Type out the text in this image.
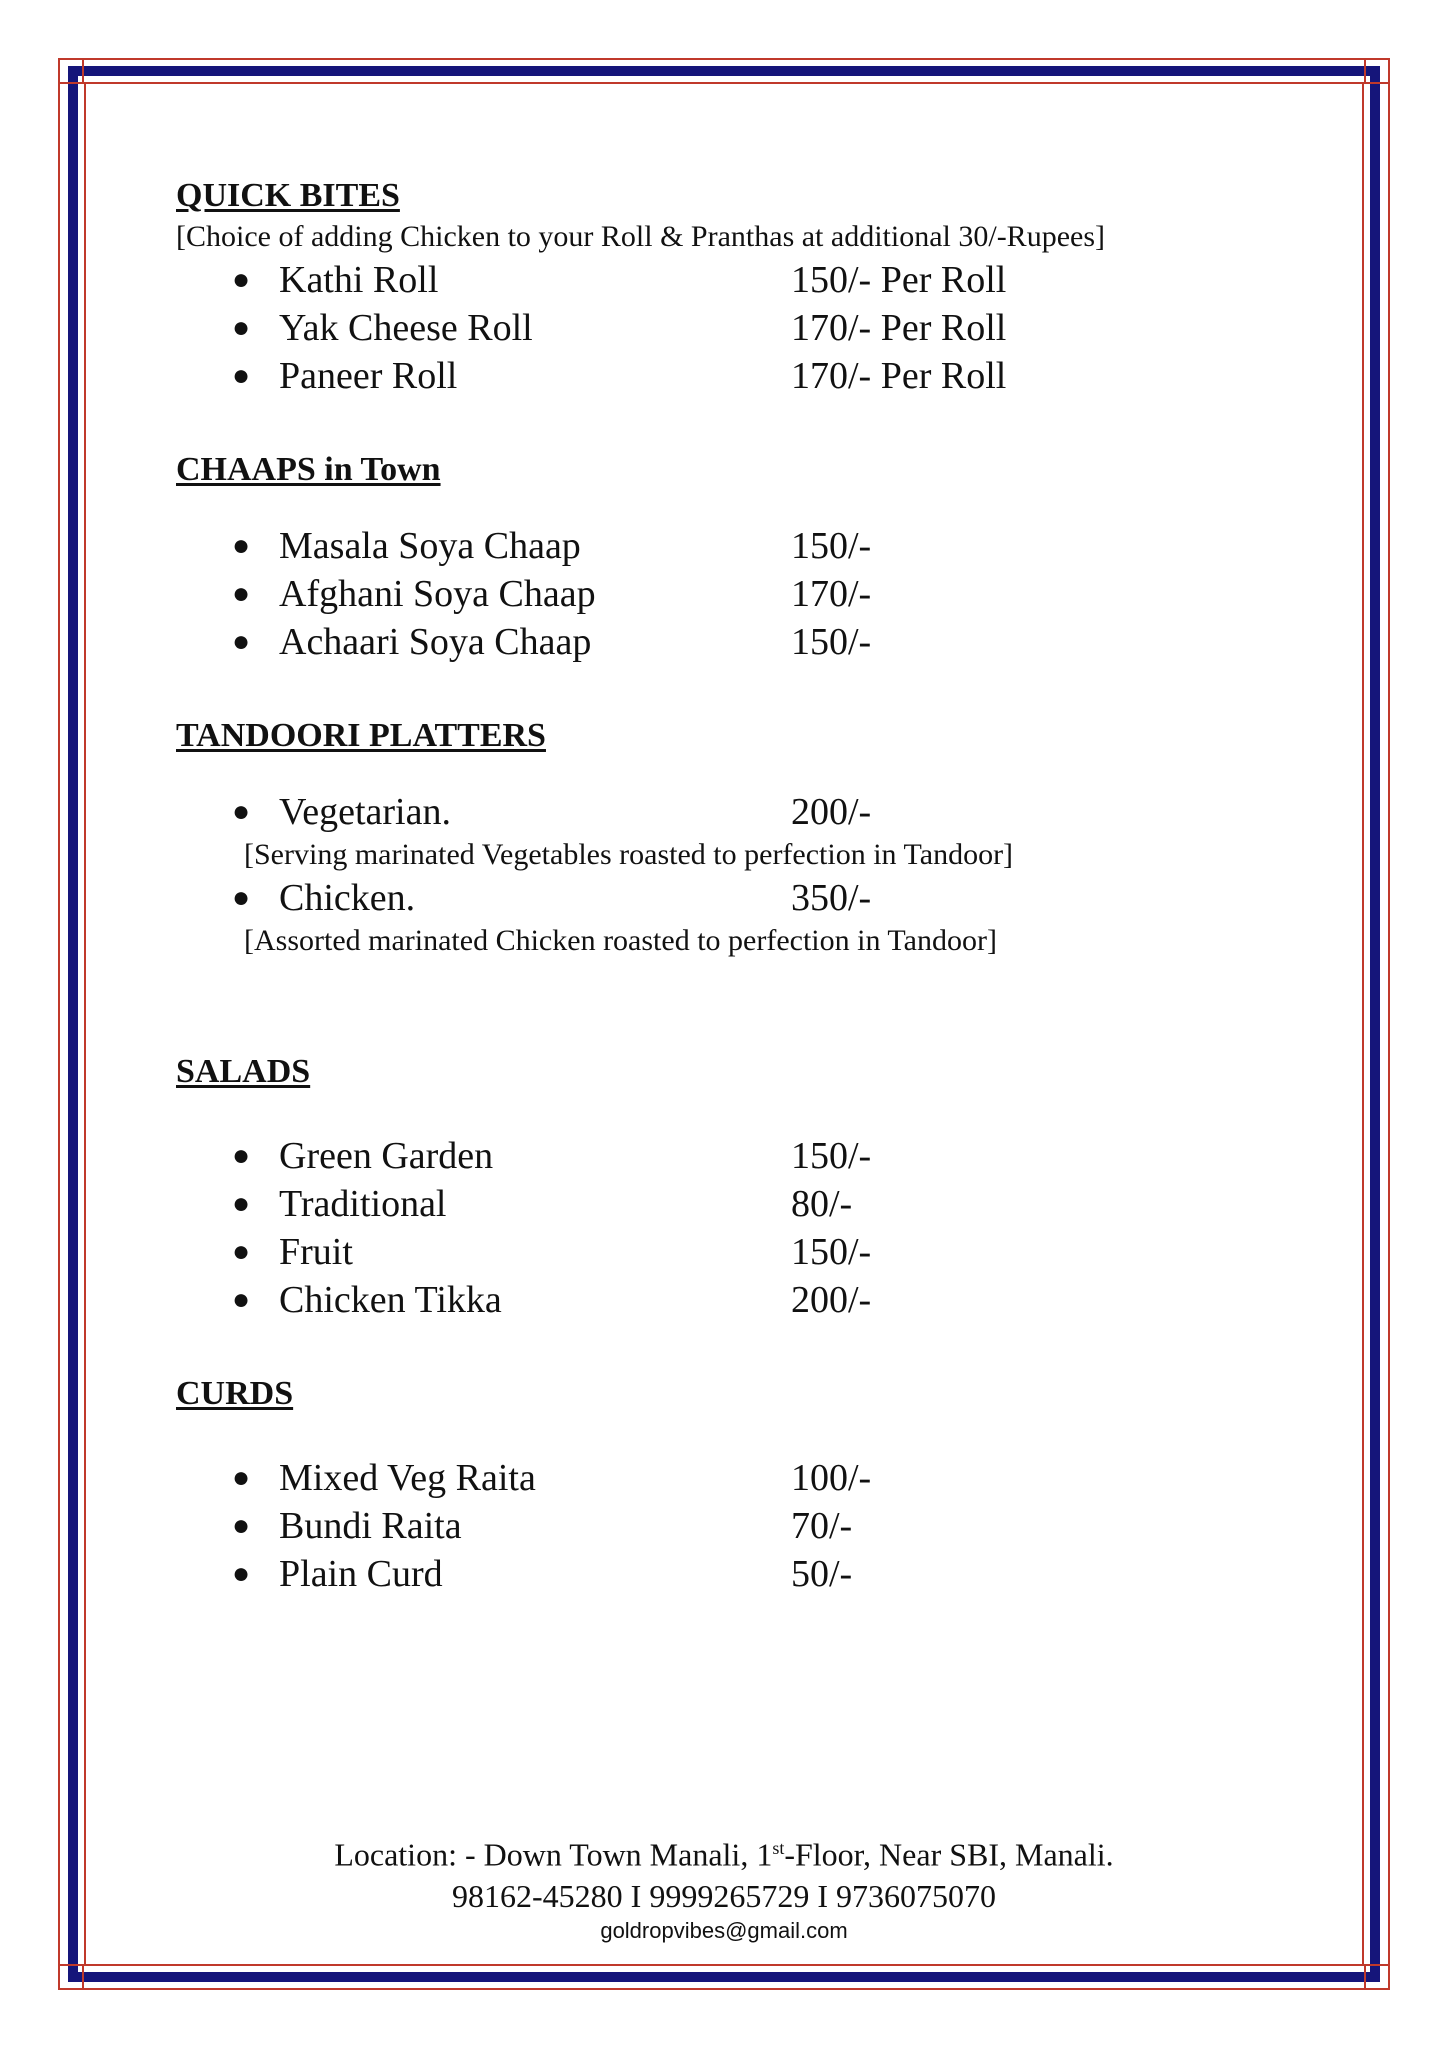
QUICK BITES

[Choice of adding Chicken to your Roll & Pranthas at additional 30/-Rupees]

● Kathi Roll	150/- Per Roll
● Yak Cheese Roll	170/- Per Roll
● Paneer Roll	170/- Per Roll

CHAAPS in Town

● Masala Soya Chaap	150/-
● Afghani Soya Chaap	170/-
● Achaari Soya Chaap	150/-

TANDOORI PLATTERS

● Vegetarian.	200/-

[Serving marinated Vegetables roasted to perfection in Tandoor]

● Chicken.	350/-

[Assorted marinated Chicken roasted to perfection in Tandoor]

SALADS

● Green Garden	150/-
● Traditional	80/-
● Fruit	150/-
● Chicken Tikka	200/-

CURDS

● Mixed Veg Raita	100/-
● Bundi Raita	70/-
● Plain Curd	50/-
Location: - Down Town Manali, 1st-Floor, Near SBI, Manali.
98162-45280 I 9999265729 I 9736075070
goldropvibes@gmail.com
